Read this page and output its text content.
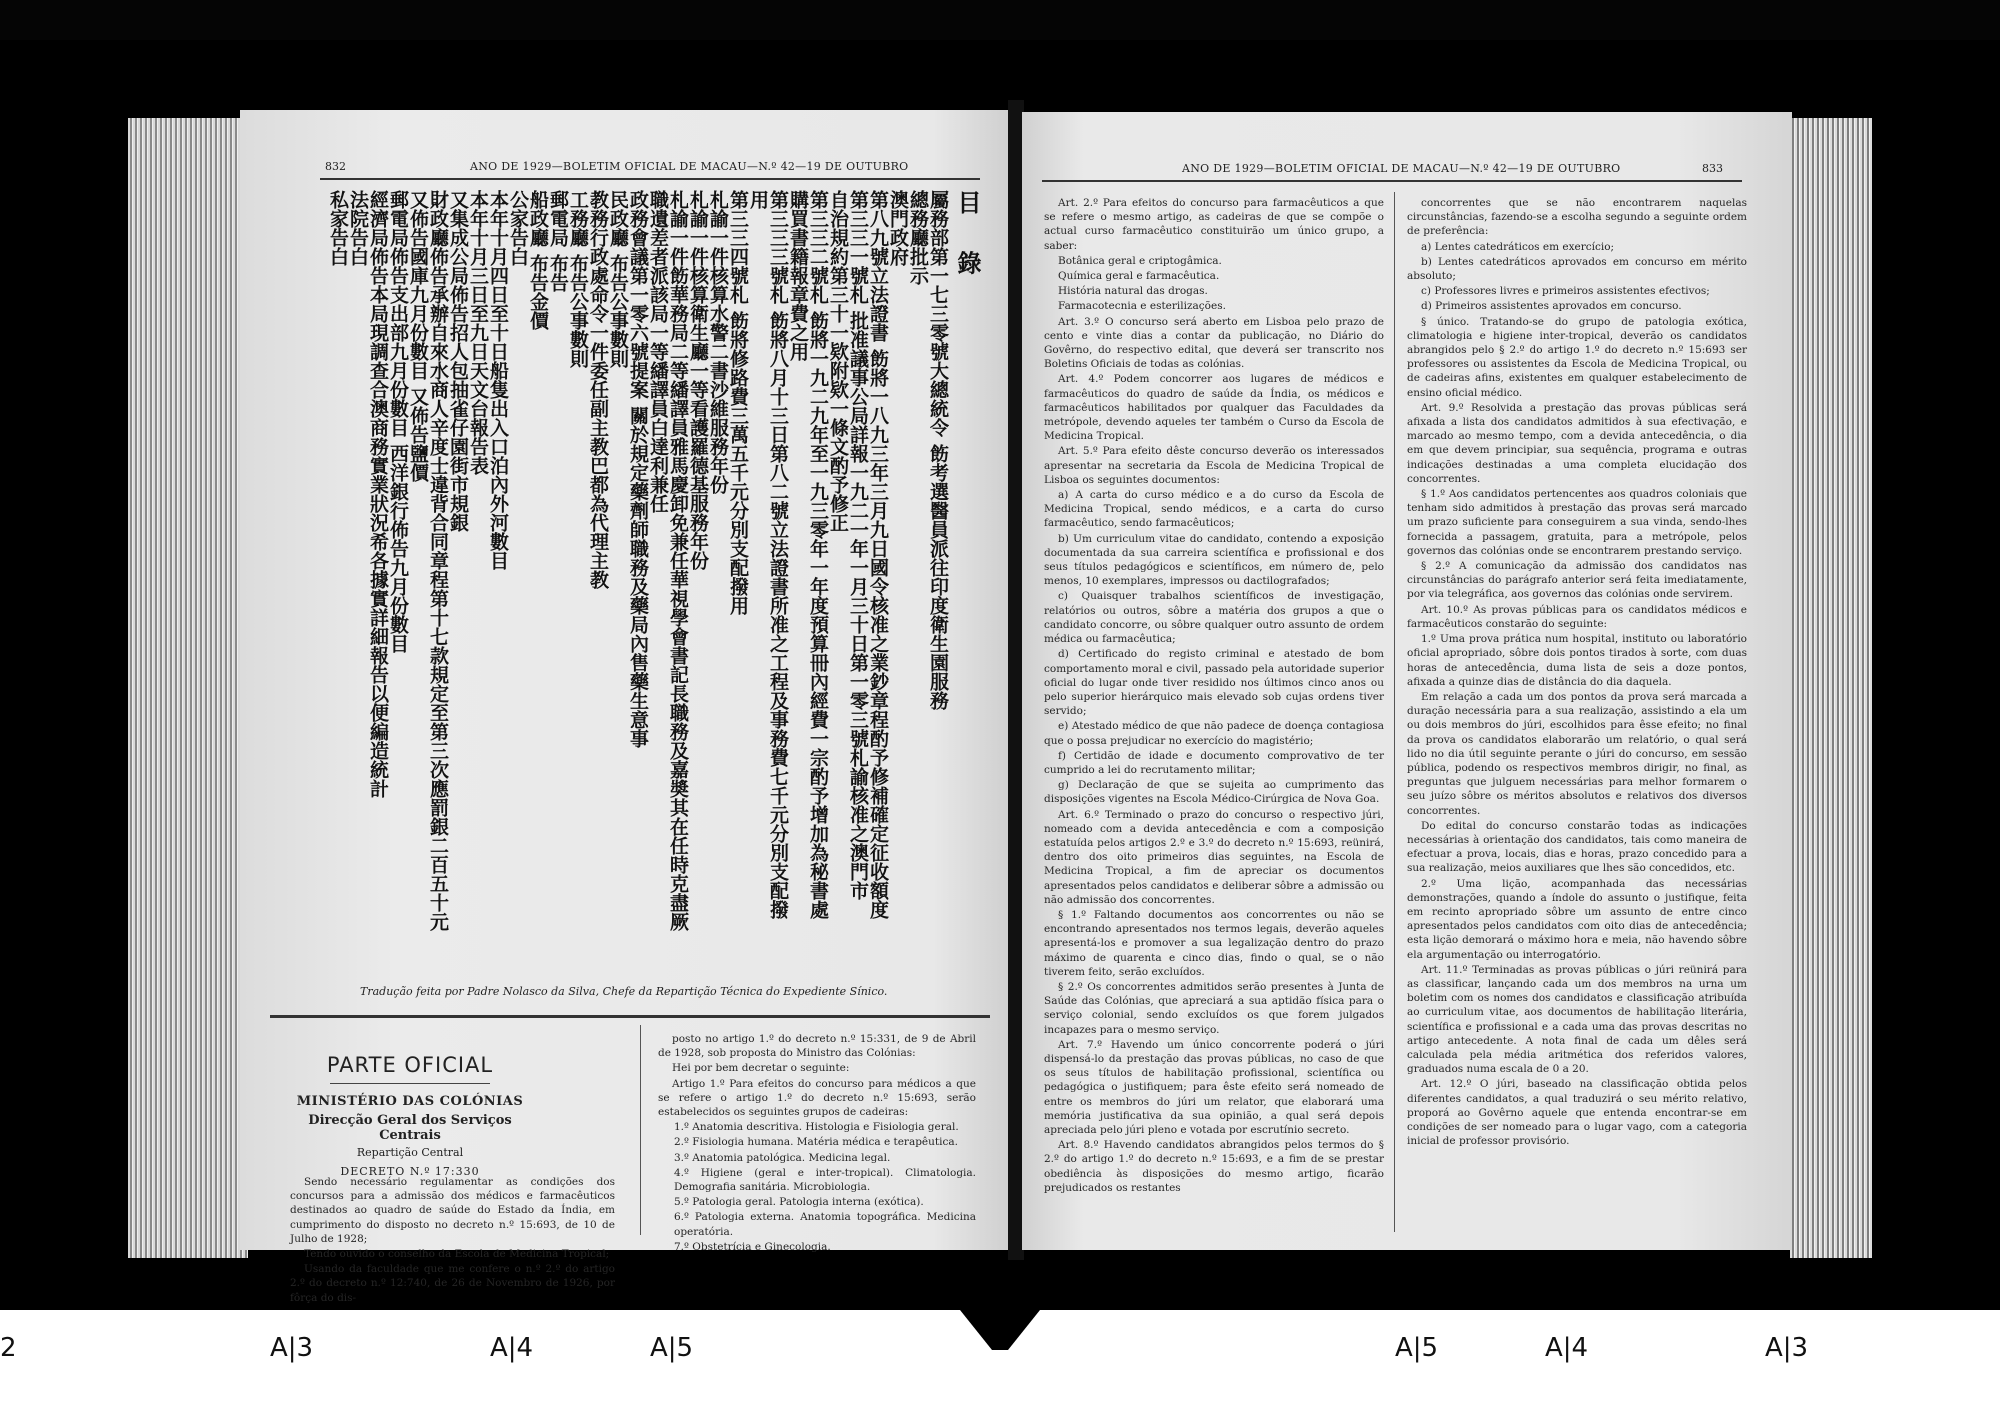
832	ANO DE 1929—BOLETIM OFICIAL DE MACAU—N.º 42—19 DE OUTUBRO
目 錄
屬務部第一七三零號大總統令 飭考選醫員派往印度衛生園服務
總務廳批示
澳門政府
第八九號立法證書 飭將一八九三年三月九日國令核准之業鈔章程酌予修補確定征收額度
第三三一號札 批准議事公局詳報一九二一年一月三十日第一零三號札諭核准之澳門市
自治規約第三十一欵附欵一條文酌予修正
第三三二號札 飭將一九二九年至一九三零年一年度預算冊內經費一宗酌予增加為秘書處
購買書籍報章費之用
第三三三號札 飭將八月十三日第八二號立法證書所准之工程及事務費七千元分別支配撥
用
第三三四號札 飭將修路費三萬五千元分別支配撥用
札諭一件核算水警二書沙維服務年份
札諭一件核算衛生廳一等看護羅德基服務年份
札諭一件飭華務局二等繙譯員雅馬慶卸免兼任華視學會書記長職務及嘉奬其在任時克盡厥
職遺差者派該局一等繙譯員白達利兼任
政務會議第一零六號提案 關於規定藥劑師職務及藥局內售藥生意事
民政廳 布告公事數則
教務行政處命令一件委任副主教巴都為代理主教
工務廳 布告公事數則
郵電局 布告
船政廳 布告金價
公家告白
本年十月四日至十日船隻出入口泊內外河數目
本年十月三日至九日天文台報告表
又集成公局佈告招人包抽雀仔園街市規銀
財政廳佈告承辦自來水商人辛度士違背合同章程第十七款規定至第三次應罰銀二百五十元
又佈告國庫九月份數目 又佈告鹽價
郵電局佈告支出部九月份數目 西洋銀行佈告九月份數目
經濟局佈告本局現調查合澳商務實業狀況希各據實詳細報告以便編造統計
法院告白
私家告白
Tradução feita por Padre Nolasco da Silva, Chefe da Repartição Técnica do Expediente Sínico.
PARTE OFICIAL
MINISTÉRIO DAS COLÓNIAS
Direcção Geral dos Serviços Centrais
Repartição Central
DECRETO N.º 17:330

Sendo necessário regulamentar as condições dos concursos para a admissão dos médicos e farmacêuticos destinados ao quadro de saúde do Estado da Índia, em cumprimento do disposto no decreto n.º 15:693, de 10 de Julho de 1928;

Tendo ouvido o conselho da Escola de Medicina Tropical;

Usando da faculdade que me confere o n.º 2.º do artigo 2.º do decreto n.º 12:740, de 26 de Novembro de 1926, por fôrça do dis-

posto no artigo 1.º do decreto n.º 15:331, de 9 de Abril de 1928, sob proposta do Ministro das Colónias:

Hei por bem decretar o seguinte:

Artigo 1.º Para efeitos do concurso para médicos a que se refere o artigo 1.º do decreto n.º 15:693, serão estabelecidos os seguintes grupos de cadeiras:

1.º Anatomia descritiva. Histologia e Fisiologia geral.

2.º Fisiologia humana. Matéria médica e terapêutica.

3.º Anatomia patológica. Medicina legal.

4.º Higiene (geral e inter-tropical). Climatologia. Demografia sanitária. Microbiologia.

5.º Patologia geral. Patologia interna (exótica).

6.º Patologia externa. Anatomia topográfica. Medicina operatória.

7.º Obstetrícia e Ginecologia.

ANO DE 1929—BOLETIM OFICIAL DE MACAU—N.º 42—19 DE OUTUBRO	833

Art. 2.º Para efeitos do concurso para farmacêuticos a que se refere o mesmo artigo, as cadeiras de que se compõe o actual curso farmacêutico constituirão um único grupo, a saber:

Botânica geral e criptogâmica.

Química geral e farmacêutica.

História natural das drogas.

Farmacotecnia e esterilizações.

Art. 3.º O concurso será aberto em Lisboa pelo prazo de cento e vinte dias a contar da publicação, no Diário do Govêrno, do respectivo edital, que deverá ser transcrito nos Boletins Oficiais de todas as colónias.

Art. 4.º Podem concorrer aos lugares de médicos e farmacêuticos do quadro de saúde da Índia, os médicos e farmacêuticos habilitados por qualquer das Faculdades da metrópole, devendo aqueles ter também o Curso da Escola de Medicina Tropical.

Art. 5.º Para efeito dêste concurso deverão os interessados apresentar na secretaria da Escola de Medicina Tropical de Lisboa os seguintes documentos:

a) A carta do curso médico e a do curso da Escola de Medicina Tropical, sendo médicos, e a carta do curso farmacêutico, sendo farmacêuticos;

b) Um curriculum vitae do candidato, contendo a exposição documentada da sua carreira scientífica e profissional e dos seus títulos pedagógicos e scientíficos, em número de, pelo menos, 10 exemplares, impressos ou dactilografados;

c) Quaisquer trabalhos scientíficos de investigação, relatórios ou outros, sôbre a matéria dos grupos a que o candidato concorre, ou sôbre qualquer outro assunto de ordem médica ou farmacêutica;

d) Certificado do registo criminal e atestado de bom comportamento moral e civil, passado pela autoridade superior oficial do lugar onde tiver residido nos últimos cinco anos ou pelo superior hierárquico mais elevado sob cujas ordens tiver servido;

e) Atestado médico de que não padece de doença contagiosa que o possa prejudicar no exercício do magistério;

f) Certidão de idade e documento comprovativo de ter cumprido a lei do recrutamento militar;

g) Declaração de que se sujeita ao cumprimento das disposições vigentes na Escola Médico-Cirúrgica de Nova Goa.

Art. 6.º Terminado o prazo do concurso o respectivo júri, nomeado com a devida antecedência e com a composição estatuída pelos artigos 2.º e 3.º do decreto n.º 15:693, reünirá, dentro dos oito primeiros dias seguintes, na Escola de Medicina Tropical, a fim de apreciar os documentos apresentados pelos candidatos e deliberar sôbre a admissão ou não admissão dos concorrentes.

§ 1.º Faltando documentos aos concorrentes ou não se encontrando apresentados nos termos legais, deverão aqueles apresentá-los e promover a sua legalização dentro do prazo máximo de quarenta e cinco dias, findo o qual, se o não tiverem feito, serão excluídos.

§ 2.º Os concorrentes admitidos serão presentes à Junta de Saúde das Colónias, que apreciará a sua aptidão física para o serviço colonial, sendo excluídos os que forem julgados incapazes para o mesmo serviço.

Art. 7.º Havendo um único concorrente poderá o júri dispensá-lo da prestação das provas públicas, no caso de que os seus títulos de habilitação profissional, scientífica ou pedagógica o justifiquem; para êste efeito será nomeado de entre os membros do júri um relator, que elaborará uma memória justificativa da sua opinião, a qual será depois apreciada pelo júri pleno e votada por escrutínio secreto.

Art. 8.º Havendo candidatos abrangidos pelos termos do § 2.º do artigo 1.º do decreto n.º 15:693, e a fim de se prestar obediência às disposições do mesmo artigo, ficarão prejudicados os restantes

concorrentes que se não encontrarem naquelas circunstâncias, fazendo-se a escolha segundo a seguinte ordem de preferência:

a) Lentes catedráticos em exercício;

b) Lentes catedráticos aprovados em concurso em mérito absoluto;

c) Professores livres e primeiros assistentes efectivos;

d) Primeiros assistentes aprovados em concurso.

§ único. Tratando-se do grupo de patologia exótica, climatologia e higiene inter-tropical, deverão os candidatos abrangidos pelo § 2.º do artigo 1.º do decreto n.º 15:693 ser professores ou assistentes da Escola de Medicina Tropical, ou de cadeiras afins, existentes em qualquer estabelecimento de ensino oficial médico.

Art. 9.º Resolvida a prestação das provas públicas será afixada a lista dos candidatos admitidos à sua efectivação, e marcado ao mesmo tempo, com a devida antecedência, o dia em que devem principiar, sua sequência, programa e outras indicações destinadas a uma completa elucidação dos concorrentes.

§ 1.º Aos candidatos pertencentes aos quadros coloniais que tenham sido admitidos à prestação das provas será marcado um prazo suficiente para conseguirem a sua vinda, sendo-lhes fornecida a passagem, gratuita, para a metrópole, pelos governos das colónias onde se encontrarem prestando serviço.

§ 2.º A comunicação da admissão dos candidatos nas circunstâncias do parágrafo anterior será feita imediatamente, por via telegráfica, aos governos das colónias onde servirem.

Art. 10.º As provas públicas para os candidatos médicos e farmacêuticos constarão do seguinte:

1.º Uma prova prática num hospital, instituto ou laboratório oficial apropriado, sôbre dois pontos tirados à sorte, com duas horas de antecedência, duma lista de seis a doze pontos, afixada a quinze dias de distância do dia daquela.

Em relação a cada um dos pontos da prova será marcada a duração necessária para a sua realização, assistindo a ela um ou dois membros do júri, escolhidos para êsse efeito; no final da prova os candidatos elaborarão um relatório, o qual será lido no dia útil seguinte perante o júri do concurso, em sessão pública, podendo os respectivos membros dirigir, no final, as preguntas que julguem necessárias para melhor formarem o seu juízo sôbre os méritos absolutos e relativos dos diversos concorrentes.

Do edital do concurso constarão todas as indicações necessárias à orientação dos candidatos, tais como maneira de efectuar a prova, locais, dias e horas, prazo concedido para a sua realização, meios auxiliares que lhes são concedidos, etc.

2.º Uma lição, acompanhada das necessárias demonstrações, quando a índole do assunto o justifique, feita em recinto apropriado sôbre um assunto de entre cinco apresentados pelos candidatos com oito dias de antecedência; esta lição demorará o máximo hora e meia, não havendo sôbre ela argumentação ou interrogatório.

Art. 11.º Terminadas as provas públicas o júri reünirá para as classificar, lançando cada um dos membros na urna um boletim com os nomes dos candidatos e classificação atribuída ao curriculum vitae, aos documentos de habilitação literária, scientífica e profissional e a cada uma das provas descritas no artigo antecedente. A nota final de cada um dêles será calculada pela média aritmética dos referidos valores, graduados numa escala de 0 a 20.

Art. 12.º O júri, baseado na classificação obtida pelos diferentes candidatos, a qual traduzirá o seu mérito relativo, proporá ao Govêrno aquele que entenda encontrar-se em condições de ser nomeado para o lugar vago, com a categoria inicial de professor provisório.

2	A|3	A|4	A|5	A|5	A|4	A|3
